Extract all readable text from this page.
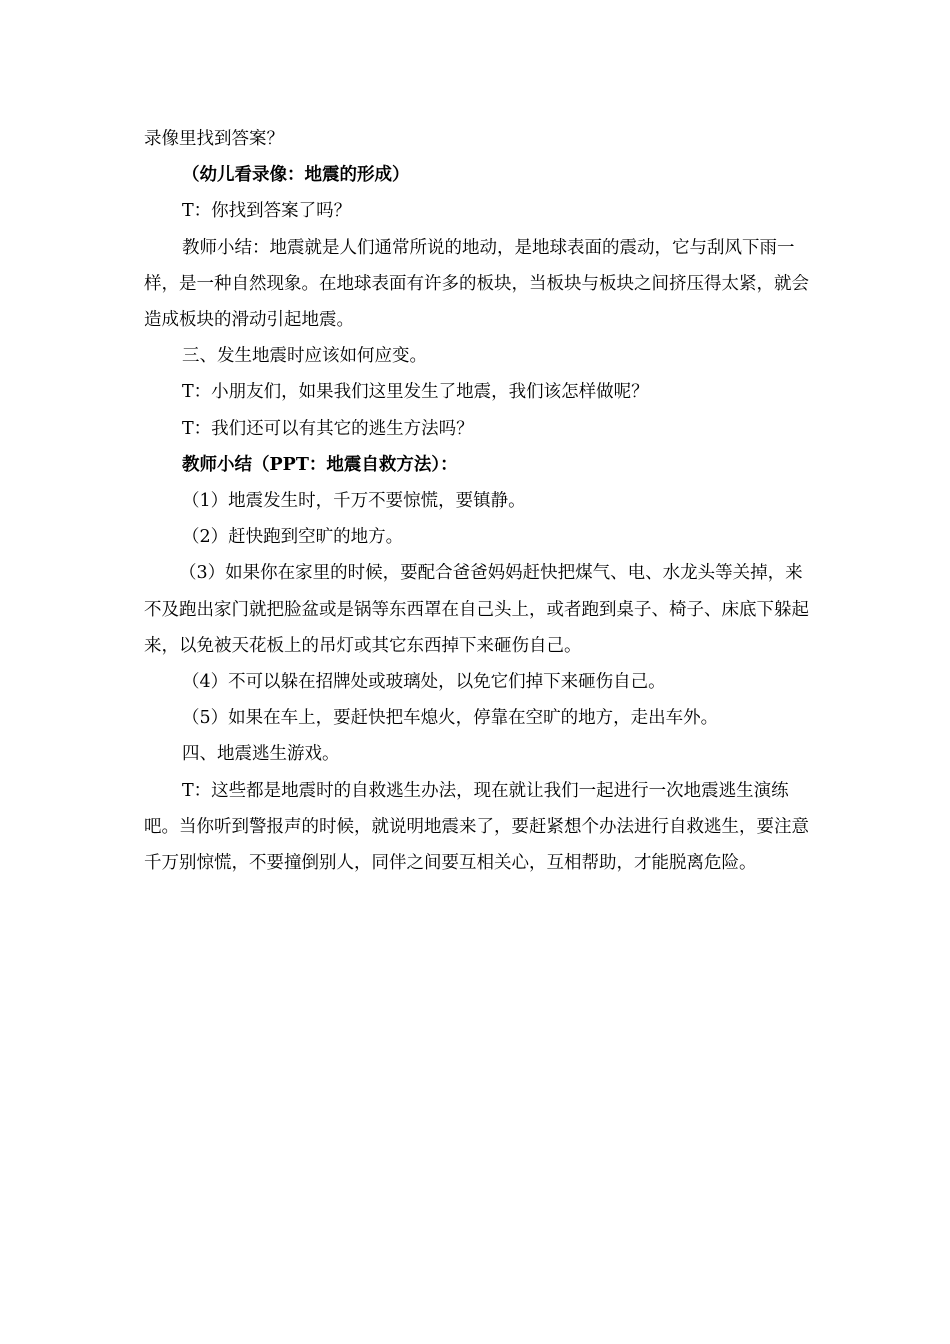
录像里找到答案？

（幼儿看录像：地震的形成）

T：你找到答案了吗？

教师小结：地震就是人们通常所说的地动，是地球表面的震动，它与刮风下雨一样，是一种自然现象。在地球表面有许多的板块，当板块与板块之间挤压得太紧，就会造成板块的滑动引起地震。

三、发生地震时应该如何应变。

T：小朋友们，如果我们这里发生了地震，我们该怎样做呢？

T：我们还可以有其它的逃生方法吗？

教师小结（PPT：地震自救方法）：

（1）地震发生时，千万不要惊慌，要镇静。

（2）赶快跑到空旷的地方。

（3）如果你在家里的时候，要配合爸爸妈妈赶快把煤气、电、水龙头等关掉，来不及跑出家门就把脸盆或是锅等东西罩在自己头上，或者跑到桌子、椅子、床底下躲起来，以免被天花板上的吊灯或其它东西掉下来砸伤自己。

（4）不可以躲在招牌处或玻璃处，以免它们掉下来砸伤自己。

（5）如果在车上，要赶快把车熄火，停靠在空旷的地方，走出车外。

四、地震逃生游戏。

T：这些都是地震时的自救逃生办法，现在就让我们一起进行一次地震逃生演练吧。当你听到警报声的时候，就说明地震来了，要赶紧想个办法进行自救逃生，要注意千万别惊慌，不要撞倒别人，同伴之间要互相关心，互相帮助，才能脱离危险。
